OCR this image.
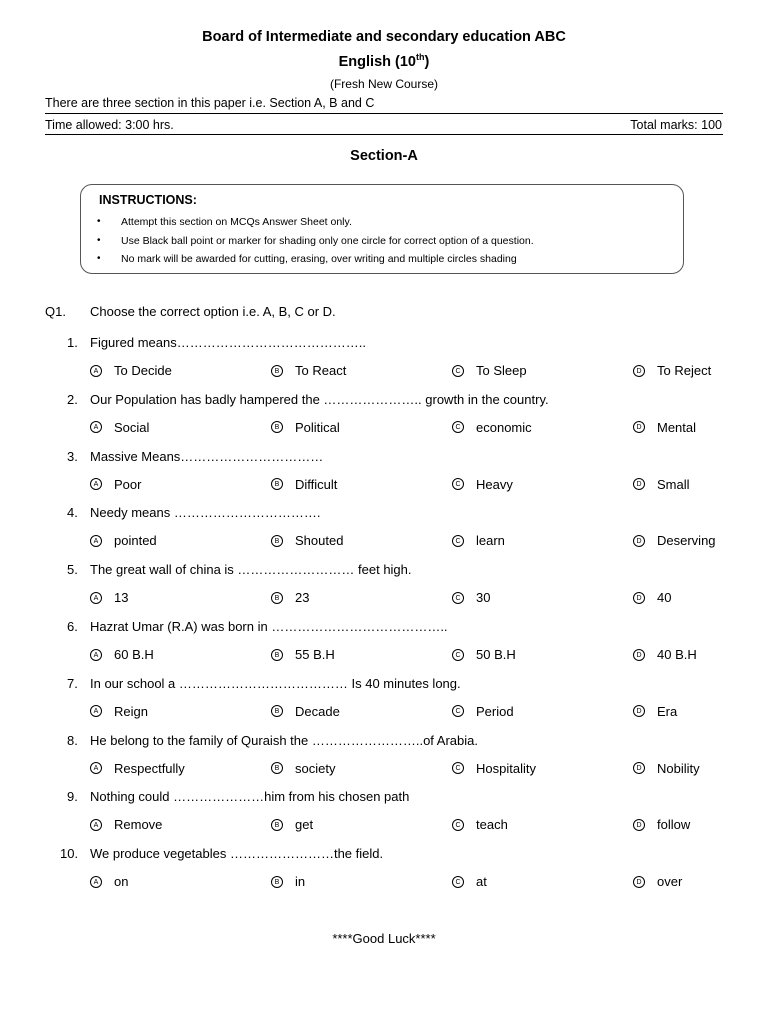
Board of Intermediate and secondary education ABC
English (10th)
(Fresh New Course)
There are three section in this paper i.e. Section A, B and C
Time allowed: 3:00 hrs.	Total marks: 100
Section-A
INSTRUCTIONS:
• Attempt this section on MCQs Answer Sheet only.
• Use Black ball point or marker for shading only one circle for correct option of a question.
• No mark will be awarded for cutting, erasing, over writing and multiple circles shading
Q1. Choose the correct option i.e. A, B, C or D.
1. Figured means……………………………………..
A To Decide	B To React	C To Sleep	D To Reject
2. Our Population has badly hampered the ………………….. growth in the country.
A Social	B Political	C economic	D Mental
3. Massive Means……………………………
A Poor	B Difficult	C Heavy	D Small
4. Needy means …………………………….
A pointed	B Shouted	C learn	D Deserving
5. The great wall of china is ……………………… feet high.
A 13	B 23	C 30	D 40
6. Hazrat Umar (R.A) was born in …………………………………..
A 60 B.H	B 55 B.H	C 50 B.H	D 40 B.H
7. In our school a ………………………………… Is 40 minutes long.
A Reign	B Decade	C Period	D Era
8. He belong to the family of Quraish the ……………………..of Arabia.
A Respectfully	B society	C Hospitality	D Nobility
9. Nothing could …………………him from his chosen path
A Remove	B get	C teach	D follow
10. We produce vegetables ……………………the field.
A on	B in	C at	D over
****Good Luck****
